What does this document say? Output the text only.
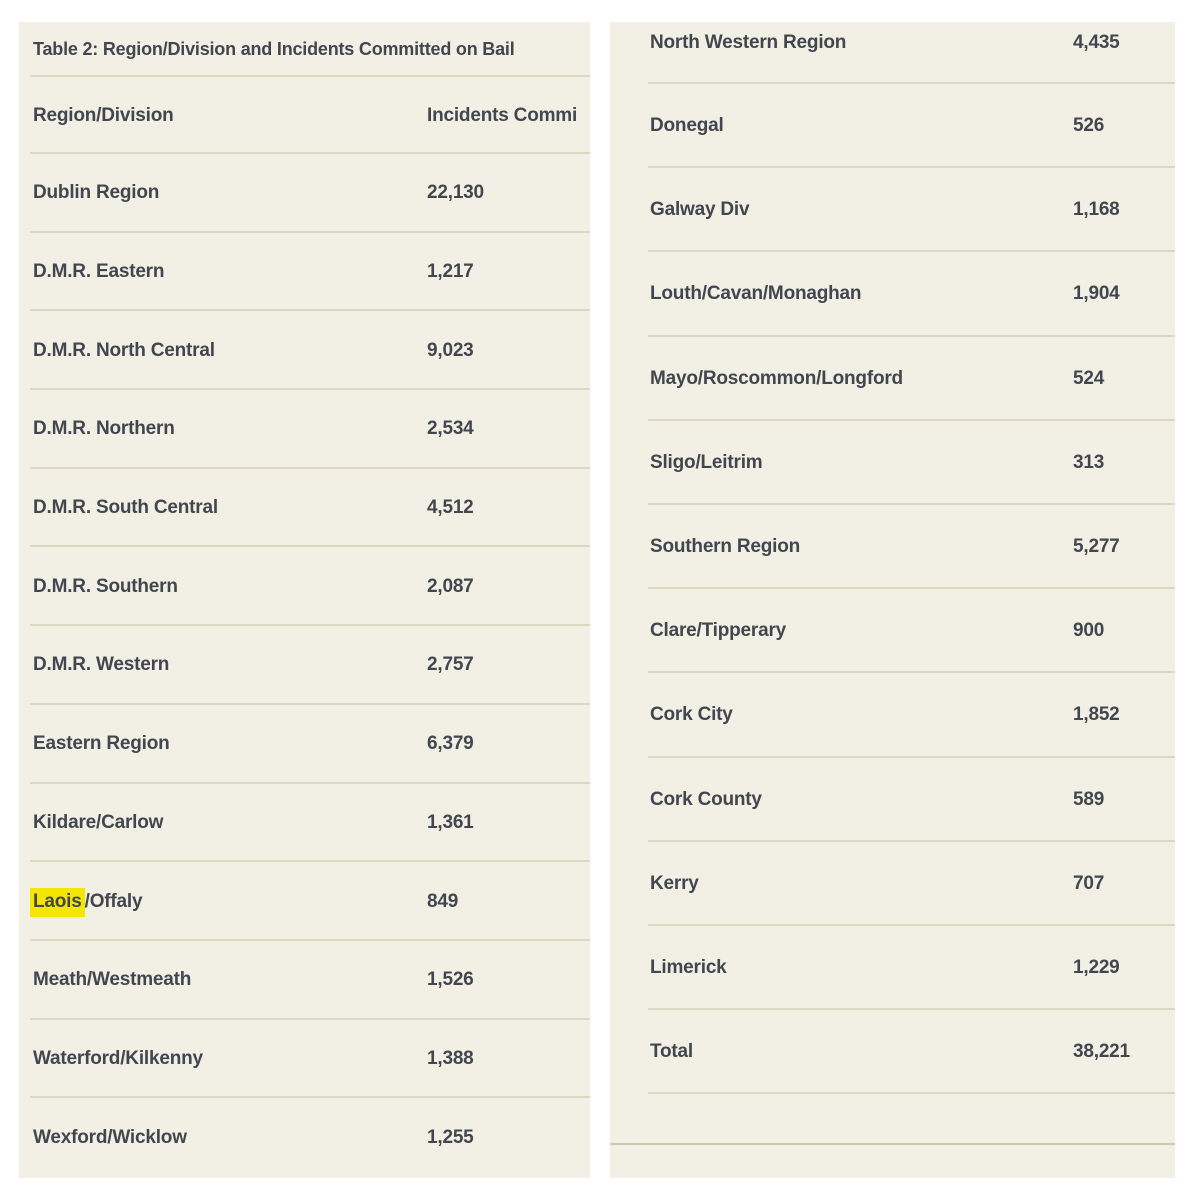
Table 2: Region/Division and Incidents Committed on Bail
Region/Division	Incidents Commi
Dublin Region	22,130
D.M.R. Eastern	1,217
D.M.R. North Central	9,023
D.M.R. Northern	2,534
D.M.R. South Central	4,512
D.M.R. Southern	2,087
D.M.R. Western	2,757
Eastern Region	6,379
Kildare/Carlow	1,361
Laois /Offaly	849
Meath/Westmeath	1,526
Waterford/Kilkenny	1,388
Wexford/Wicklow	1,255
North Western Region	4,435
Donegal	526
Galway Div	1,168
Louth/Cavan/Monaghan	1,904
Mayo/Roscommon/Longford	524
Sligo/Leitrim	313
Southern Region	5,277
Clare/Tipperary	900
Cork City	1,852
Cork County	589
Kerry	707
Limerick	1,229
Total	38,221
